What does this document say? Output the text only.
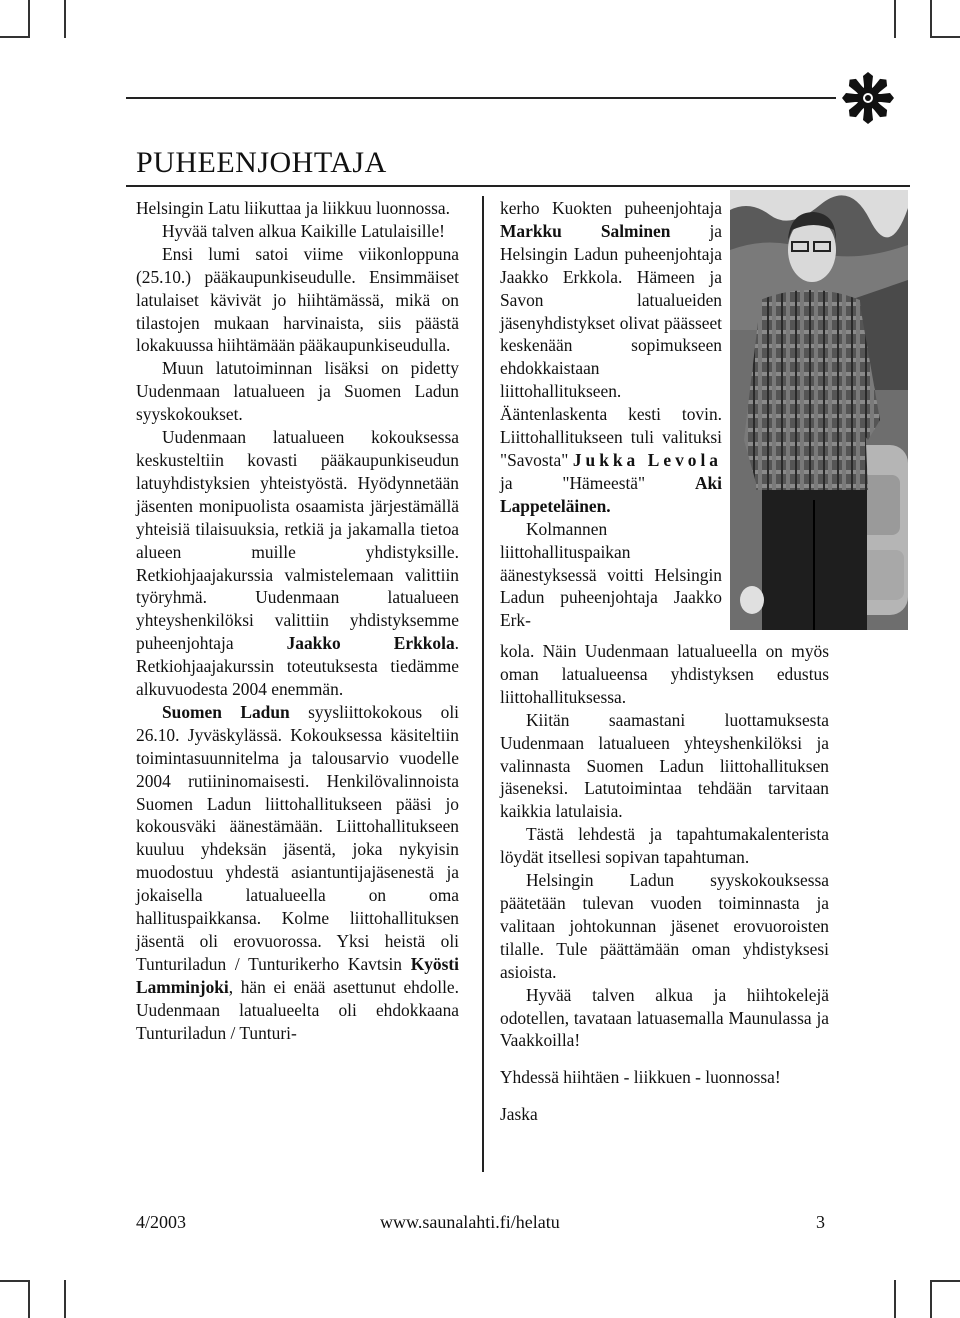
PUHEENJOHTAJA

Helsingin Latu liikuttaa ja liikkuu luonnossa.

Hyvää talven alkua Kaikille Latulaisille!

Ensi lumi satoi viime viikonloppuna (25.10.) pääkaupunkiseudulle. Ensimmäiset latulaiset kävivät jo hiihtämässä, mikä on tilastojen mukaan harvinaista, siis päästä lokakuussa hiihtämään pääkaupunkiseudulla.

Muun latutoiminnan lisäksi on pidetty Uudenmaan latualueen ja Suomen Ladun syyskokoukset.

Uudenmaan latualueen kokouksessa keskusteltiin kovasti pääkaupunkiseudun latuyhdistyksien yhteistyöstä. Hyödynnetään jäsenten monipuolista osaamista järjestämällä yhteisiä tilaisuuksia, retkiä ja jakamalla tietoa alueen muille yhdistyksille. Retkiohjaajakurssia valmistelemaan valittiin työryhmä. Uudenmaan latualueen yhteyshenkilöksi valittiin yhdistyksemme puheenjohtaja Jaakko Erkkola. Retkiohjaajakurssin toteutuksesta tiedämme alkuvuodesta 2004 enemmän.

Suomen Ladun syysliittokokous oli 26.10. Jyväskylässä. Kokouksessa käsiteltiin toimintasuunnitelma ja talousarvio vuodelle 2004 rutiininomaisesti. Henkilövalinnoista Suomen Ladun liittohallitukseen pääsi jo kokousväki äänestämään. Liittohallitukseen kuuluu yhdeksän jäsentä, joka nykyisin muodostuu yhdestä asiantuntijajäsenestä ja jokaisella latualueella on oma hallituspaikkansa. Kolme liittohallituksen jäsentä oli erovuorossa. Yksi heistä oli Tunturiladun / Tunturikerho Kavtsin Kyösti Lamminjoki, hän ei enää asettunut ehdolle. Uudenmaan latualueelta oli ehdokkaana Tunturiladun / Tunturi-

kerho Kuokten puheenjohtaja Markku Salminen ja Helsingin Ladun puheenjohtaja Jaakko Erkkola. Hämeen ja Savon latualueiden jäsenyhdistykset olivat päässeet keskenään sopimukseen ehdokkaistaan liittohallitukseen. Ääntenlaskenta kesti tovin. Liittohallitukseen tuli valituksi "Savosta" Jukka Levola ja "Hämeestä" Aki Lappeteläinen.

Kolmannen liittohallituspaikan äänestyksessä voitti Helsingin Ladun puheenjohtaja Jaakko Erk-

kola. Näin Uudenmaan latualueella on myös oman latualueensa yhdistyksen edustus liittohallituksessa.

Kiitän saamastani luottamuksesta Uudenmaan latualueen yhteyshenkilöksi ja valinnasta Suomen Ladun liittohallituksen jäseneksi. Latutoimintaa tehdään tarvitaan kaikkia latulaisia.

Tästä lehdestä ja tapahtumakalenterista löydät itsellesi sopivan tapahtuman.

Helsingin Ladun syyskokouksessa päätetään tulevan vuoden toiminnasta ja valitaan johtokunnan jäsenet erovuoroisten tilalle. Tule päättämään oman yhdistyksesi asioista.

Hyvää talven alkua ja hiihtokelejä odotellen, tavataan latuasemalla Maunulassa ja Vaakkoilla!

Yhdessä hiihtäen - liikkuen - luonnossa!

Jaska

4/2003	www.saunalahti.fi/helatu	3
